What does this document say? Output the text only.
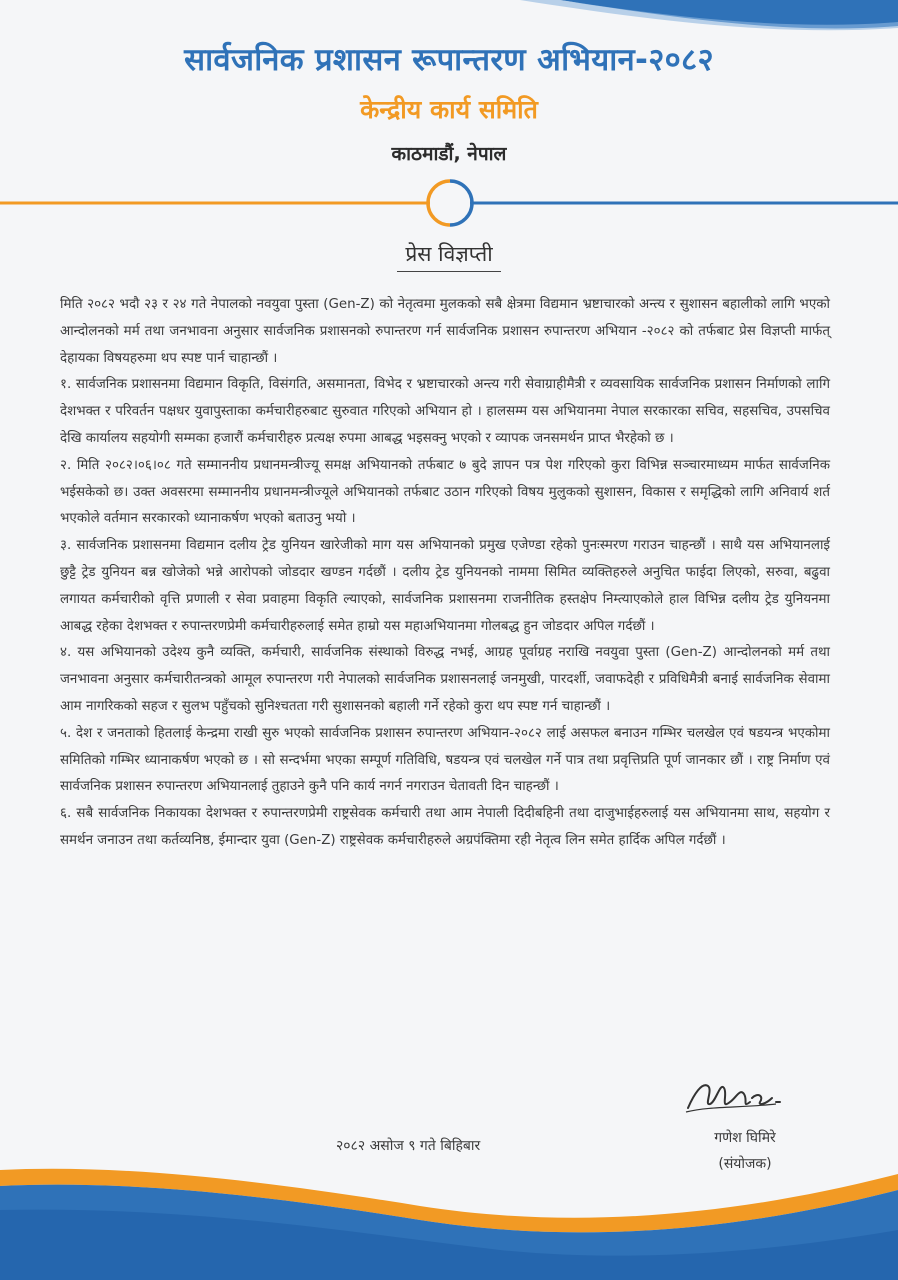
सार्वजनिक प्रशासन रूपान्तरण अभियान-२०८२
केन्द्रीय कार्य समिति
काठमाडौं, नेपाल
प्रेस विज्ञप्ती

मिति २०८२ भदौ २३ र २४ गते नेपालको नवयुवा पुस्ता (Gen-Z) को नेतृत्वमा मुलकको सबै क्षेत्रमा विद्यमान भ्रष्टाचारको अन्त्य र सुशासन बहालीको लागि भएको आन्दोलनको मर्म तथा जनभावना अनुसार सार्वजनिक प्रशासनको रुपान्तरण गर्न सार्वजनिक प्रशासन रुपान्तरण अभियान -२०८२ को तर्फबाट प्रेस विज्ञप्ती मार्फत् देहायका विषयहरुमा थप स्पष्ट पार्न चाहान्छौं ।

१. सार्वजनिक प्रशासनमा विद्यमान विकृति, विसंगति, असमानता, विभेद र भ्रष्टाचारको अन्त्य गरी सेवाग्राहीमैत्री र व्यवसायिक सार्वजनिक प्रशासन निर्माणको लागि देशभक्त र परिवर्तन पक्षधर युवापुस्ताका कर्मचारीहरुबाट सुरुवात गरिएको अभियान हो । हालसम्म यस अभियानमा नेपाल सरकारका सचिव, सहसचिव, उपसचिव देखि कार्यालय सहयोगी सम्मका हजारौं कर्मचारीहरु प्रत्यक्ष रुपमा आबद्ध भइसक्नु भएको र व्यापक जनसमर्थन प्राप्त भैरहेको छ ।

२. मिति २०८२।०६।०८ गते सम्माननीय प्रधानमन्त्रीज्यू समक्ष अभियानको तर्फबाट ७ बुदे ज्ञापन पत्र पेश गरिएको कुरा विभिन्न सञ्चारमाध्यम मार्फत सार्वजनिक भईसकेको छ। उक्त अवसरमा सम्माननीय प्रधानमन्त्रीज्यूले अभियानको तर्फबाट उठान गरिएको विषय मुलुकको सुशासन, विकास र समृद्धिको लागि अनिवार्य शर्त भएकोले वर्तमान सरकारको ध्यानाकर्षण भएको बताउनु भयो ।

३. सार्वजनिक प्रशासनमा विद्यमान दलीय ट्रेड युनियन खारेजीको माग यस अभियानको प्रमुख एजेण्डा रहेको पुनःस्मरण गराउन चाहन्छौं । साथै यस अभियानलाई छुट्टै ट्रेड युनियन बन्न खोजेको भन्ने आरोपको जोडदार खण्डन गर्दछौं । दलीय ट्रेड युनियनको नाममा सिमित व्यक्तिहरुले अनुचित फाईदा लिएको, सरुवा, बढुवा लगायत कर्मचारीको वृत्ति प्रणाली र सेवा प्रवाहमा विकृति ल्याएको, सार्वजनिक प्रशासनमा राजनीतिक हस्तक्षेप निम्त्याएकोले हाल विभिन्न दलीय ट्रेड युनियनमा आबद्ध रहेका देशभक्त र रुपान्तरणप्रेमी कर्मचारीहरुलाई समेत हाम्रो यस महाअभियानमा गोलबद्ध हुन जोडदार अपिल गर्दछौं ।

४. यस अभियानको उदेश्य कुनै व्यक्ति, कर्मचारी, सार्वजनिक संस्थाको विरुद्ध नभई, आग्रह पूर्वाग्रह नराखि नवयुवा पुस्ता (Gen-Z) आन्दोलनको मर्म तथा जनभावना अनुसार कर्मचारीतन्त्रको आमूल रुपान्तरण गरी नेपालको सार्वजनिक प्रशासनलाई जनमुखी, पारदर्शी, जवाफदेही र प्रविधिमैत्री बनाई सार्वजनिक सेवामा आम नागरिकको सहज र सुलभ पहुँचको सुनिश्चतता गरी सुशासनको बहाली गर्ने रहेको कुरा थप स्पष्ट गर्न चाहान्छौं ।

५. देश र जनताको हितलाई केन्द्रमा राखी सुरु भएको सार्वजनिक प्रशासन रुपान्तरण अभियान-२०८२ लाई असफल बनाउन गम्भिर चलखेल एवं षडयन्त्र भएकोमा समितिको गम्भिर ध्यानाकर्षण भएको छ । सो सन्दर्भमा भएका सम्पूर्ण गतिविधि, षडयन्त्र एवं चलखेल गर्ने पात्र तथा प्रवृत्तिप्रति पूर्ण जानकार छौं । राष्ट्र निर्माण एवं सार्वजनिक प्रशासन रुपान्तरण अभियानलाई तुहाउने कुनै पनि कार्य नगर्न नगराउन चेतावती दिन चाहन्छौं ।

६. सबै सार्वजनिक निकायका देशभक्त र रुपान्तरणप्रेमी राष्ट्रसेवक कर्मचारी तथा आम नेपाली दिदीबहिनी तथा दाजुभाईहरुलाई यस अभियानमा साथ, सहयोग र समर्थन जनाउन तथा कर्तव्यनिष्ठ, ईमान्दार युवा (Gen-Z) राष्ट्रसेवक कर्मचारीहरुले अग्रपंक्तिमा रही नेतृत्व लिन समेत हार्दिक अपिल गर्दछौं ।

२०८२ असोज ९ गते बिहिबार	गणेश घिमिरे
(संयोजक)
